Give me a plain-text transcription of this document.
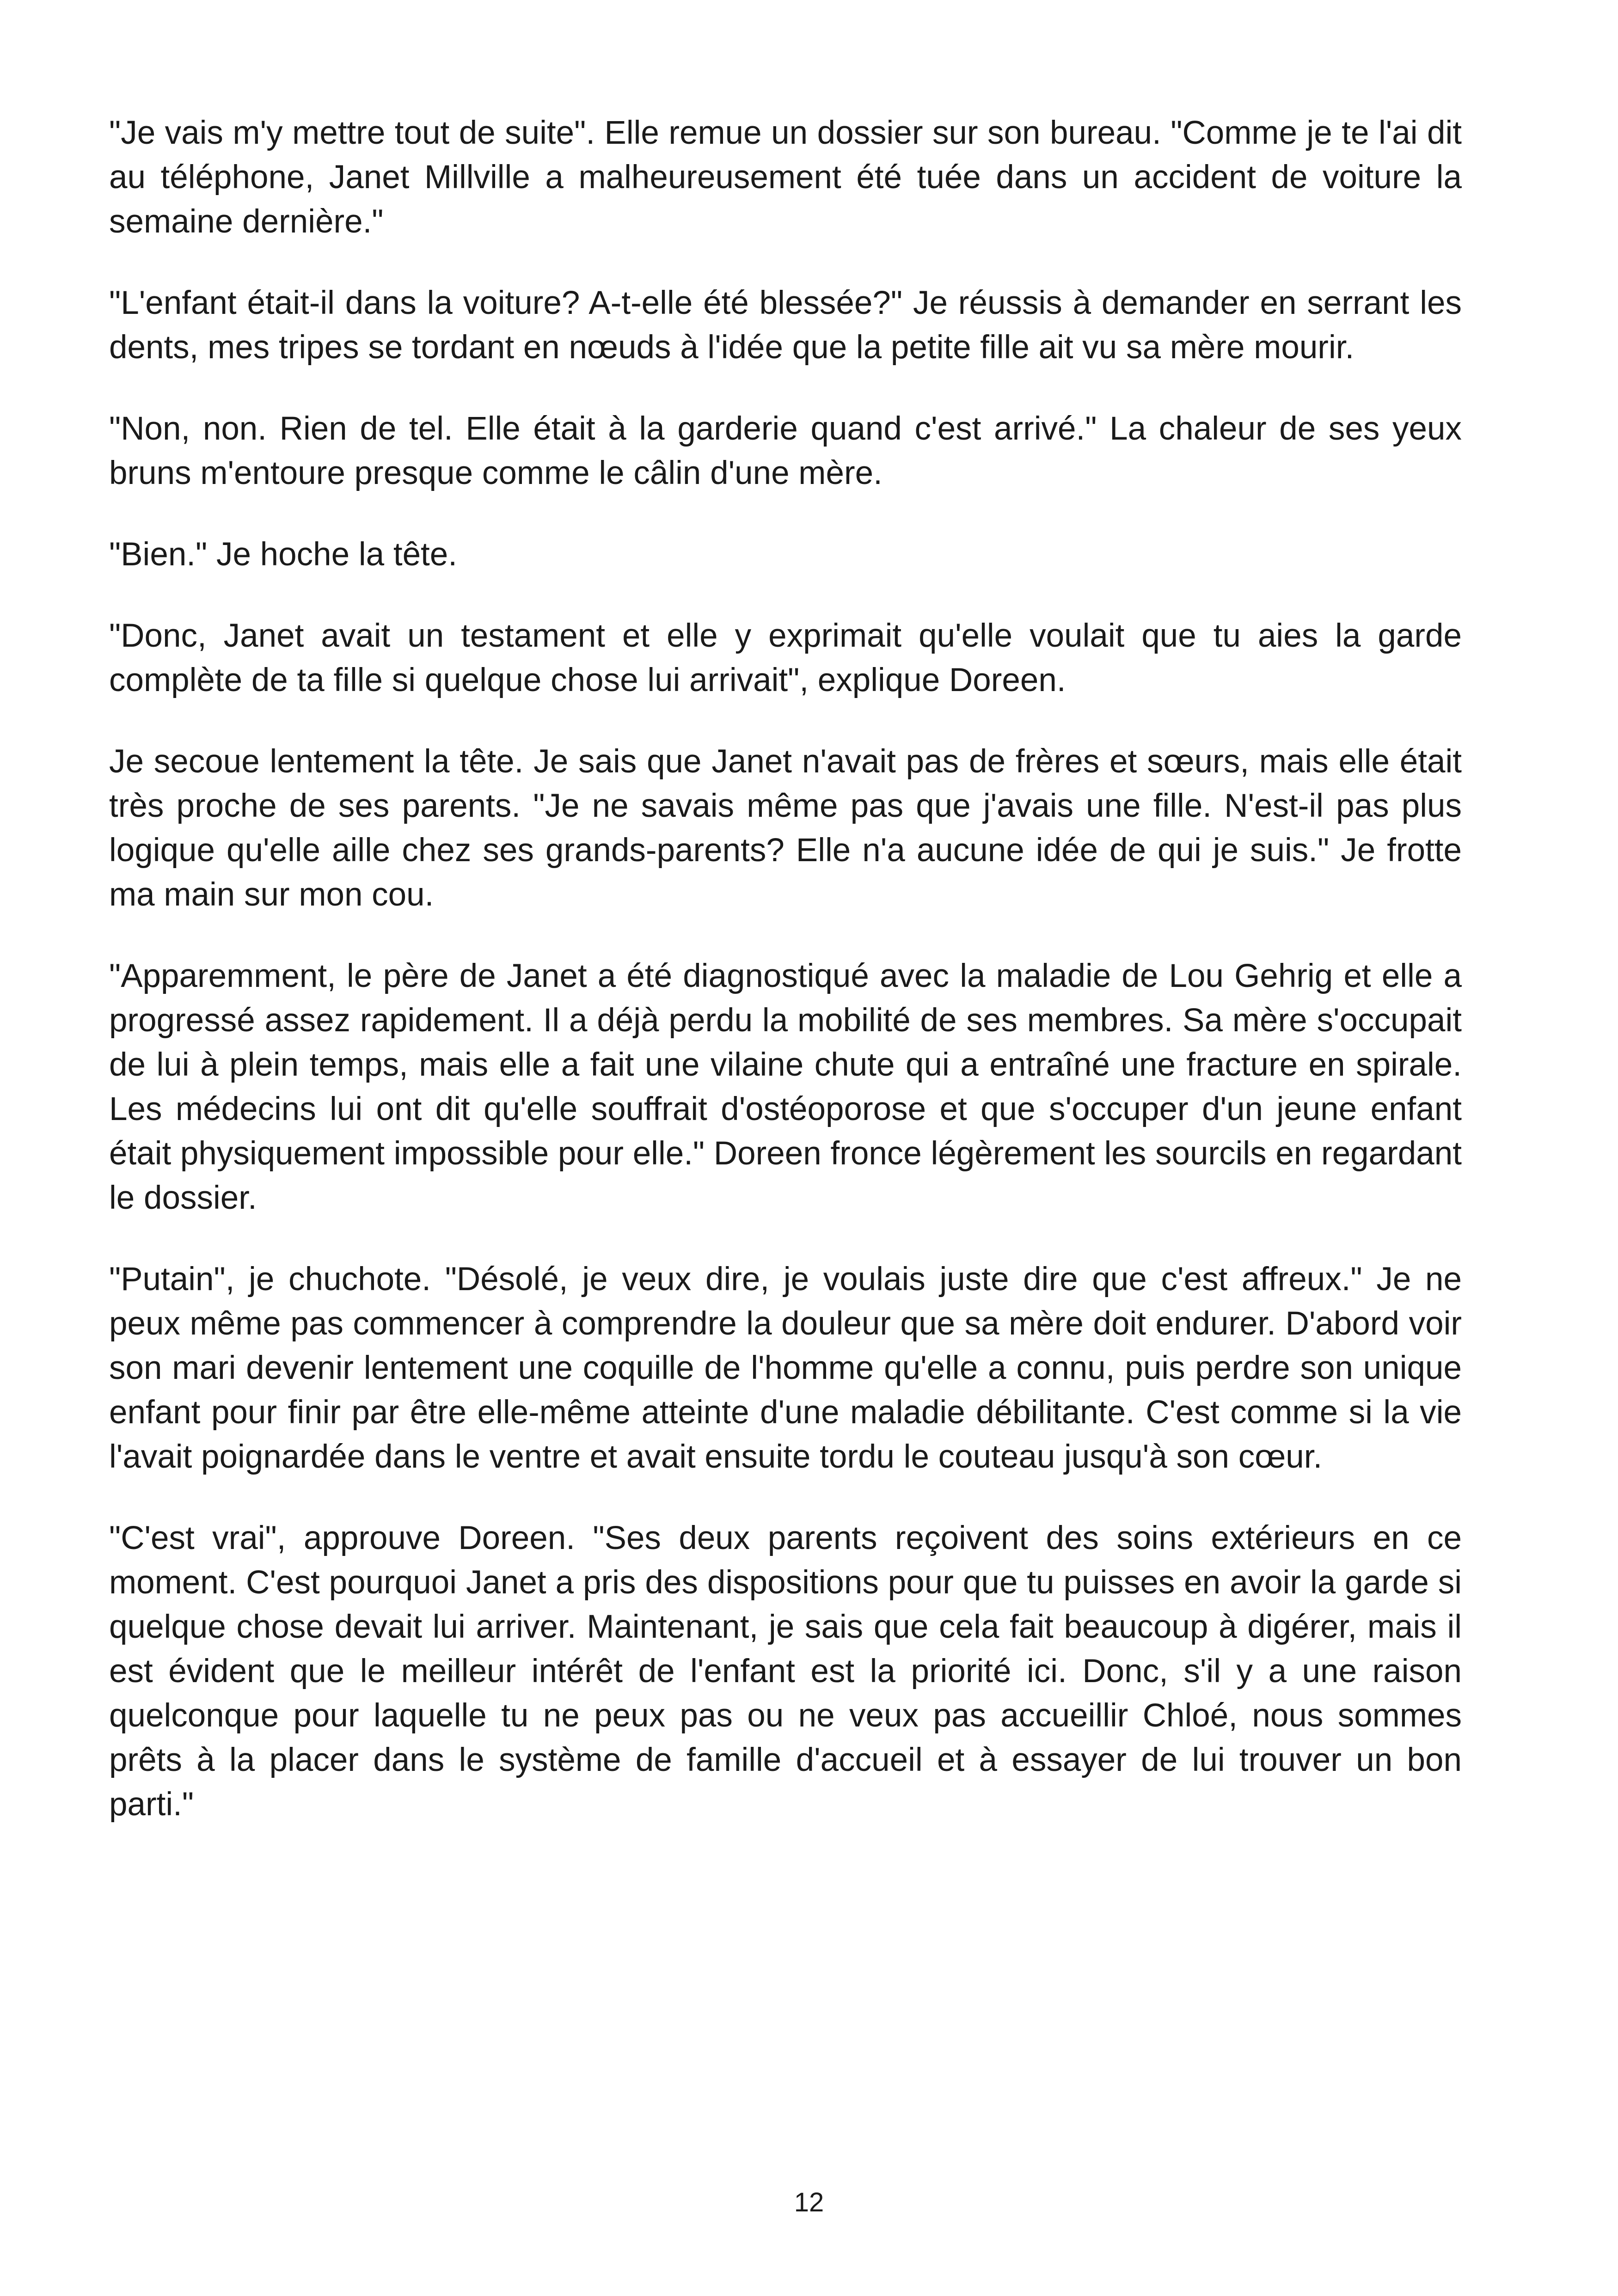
"Je vais m'y mettre tout de suite". Elle remue un dossier sur son bureau. "Comme je te l'ai dit au téléphone, Janet Millville a malheureusement été tuée dans un accident de voiture la semaine dernière."

"L'enfant était-il dans la voiture? A-t-elle été blessée?" Je réussis à demander en serrant les dents, mes tripes se tordant en nœuds à l'idée que la petite fille ait vu sa mère mourir.

"Non, non. Rien de tel. Elle était à la garderie quand c'est arrivé." La chaleur de ses yeux bruns m'entoure presque comme le câlin d'une mère.

"Bien." Je hoche la tête.

"Donc, Janet avait un testament et elle y exprimait qu'elle voulait que tu aies la garde complète de ta fille si quelque chose lui arrivait", explique Doreen.

Je secoue lentement la tête. Je sais que Janet n'avait pas de frères et sœurs, mais elle était très proche de ses parents. "Je ne savais même pas que j'avais une fille. N'est-il pas plus logique qu'elle aille chez ses grands-parents? Elle n'a aucune idée de qui je suis." Je frotte ma main sur mon cou.

"Apparemment, le père de Janet a été diagnostiqué avec la maladie de Lou Gehrig et elle a progressé assez rapidement. Il a déjà perdu la mobilité de ses membres. Sa mère s'occupait de lui à plein temps, mais elle a fait une vilaine chute qui a entraîné une fracture en spirale. Les médecins lui ont dit qu'elle souffrait d'ostéoporose et que s'occuper d'un jeune enfant était physiquement impossible pour elle." Doreen fronce légèrement les sourcils en regardant le dossier.

"Putain", je chuchote. "Désolé, je veux dire, je voulais juste dire que c'est affreux." Je ne peux même pas commencer à comprendre la douleur que sa mère doit endurer. D'abord voir son mari devenir lentement une coquille de l'homme qu'elle a connu, puis perdre son unique enfant pour finir par être elle-même atteinte d'une maladie débilitante. C'est comme si la vie l'avait poignardée dans le ventre et avait ensuite tordu le couteau jusqu'à son cœur.

"C'est vrai", approuve Doreen. "Ses deux parents reçoivent des soins extérieurs en ce moment. C'est pourquoi Janet a pris des dispositions pour que tu puisses en avoir la garde si quelque chose devait lui arriver. Maintenant, je sais que cela fait beaucoup à digérer, mais il est évident que le meilleur intérêt de l'enfant est la priorité ici. Donc, s'il y a une raison quelconque pour laquelle tu ne peux pas ou ne veux pas accueillir Chloé, nous sommes prêts à la placer dans le système de famille d'accueil et à essayer de lui trouver un bon parti."

12
